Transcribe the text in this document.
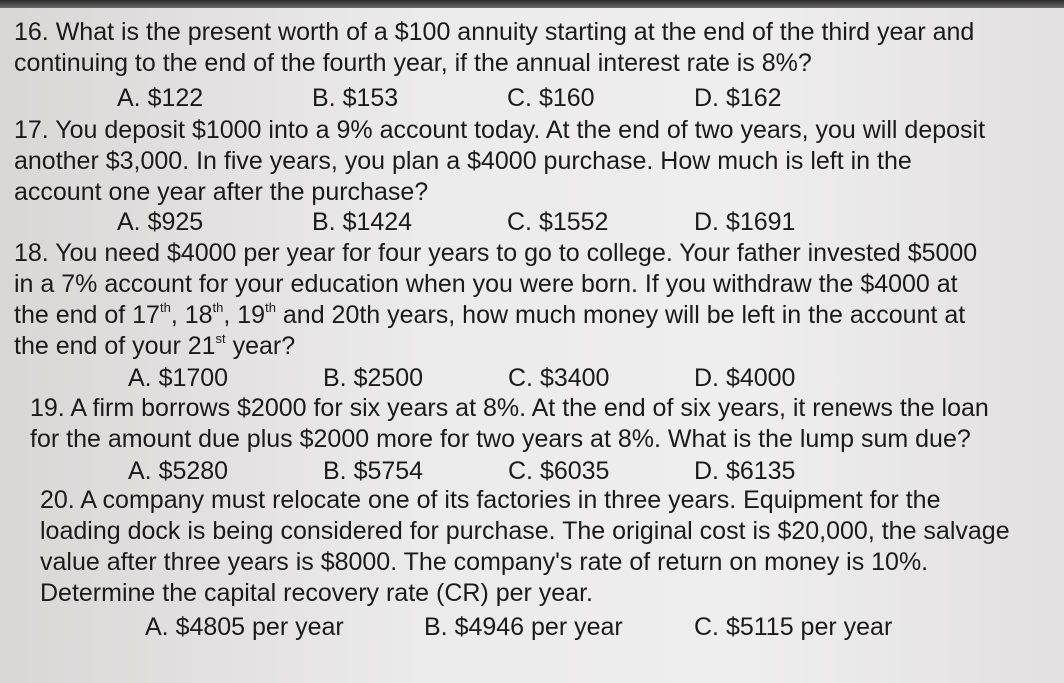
16. What is the present worth of a $100 annuity starting at the end of the third year and
continuing to the end of the fourth year, if the annual interest rate is 8%?
A. $122	B. $153	C. $160	D. $162
17. You deposit $1000 into a 9% account today. At the end of two years, you will deposit
another $3,000. In five years, you plan a $4000 purchase. How much is left in the
account one year after the purchase?
A. $925	B. $1424	C. $1552	D. $1691
18. You need $4000 per year for four years to go to college. Your father invested $5000
in a 7% account for your education when you were born. If you withdraw the $4000 at
the end of 17th, 18th, 19th and 20th years, how much money will be left in the account at
the end of your 21st year?
A. $1700	B. $2500	C. $3400	D. $4000
19. A firm borrows $2000 for six years at 8%. At the end of six years, it renews the loan
for the amount due plus $2000 more for two years at 8%. What is the lump sum due?
A. $5280	B. $5754	C. $6035	D. $6135
20. A company must relocate one of its factories in three years. Equipment for the
loading dock is being considered for purchase. The original cost is $20,000, the salvage
value after three years is $8000. The company's rate of return on money is 10%.
Determine the capital recovery rate (CR) per year.
A. $4805 per year	B. $4946 per year	C. $5115 per year
